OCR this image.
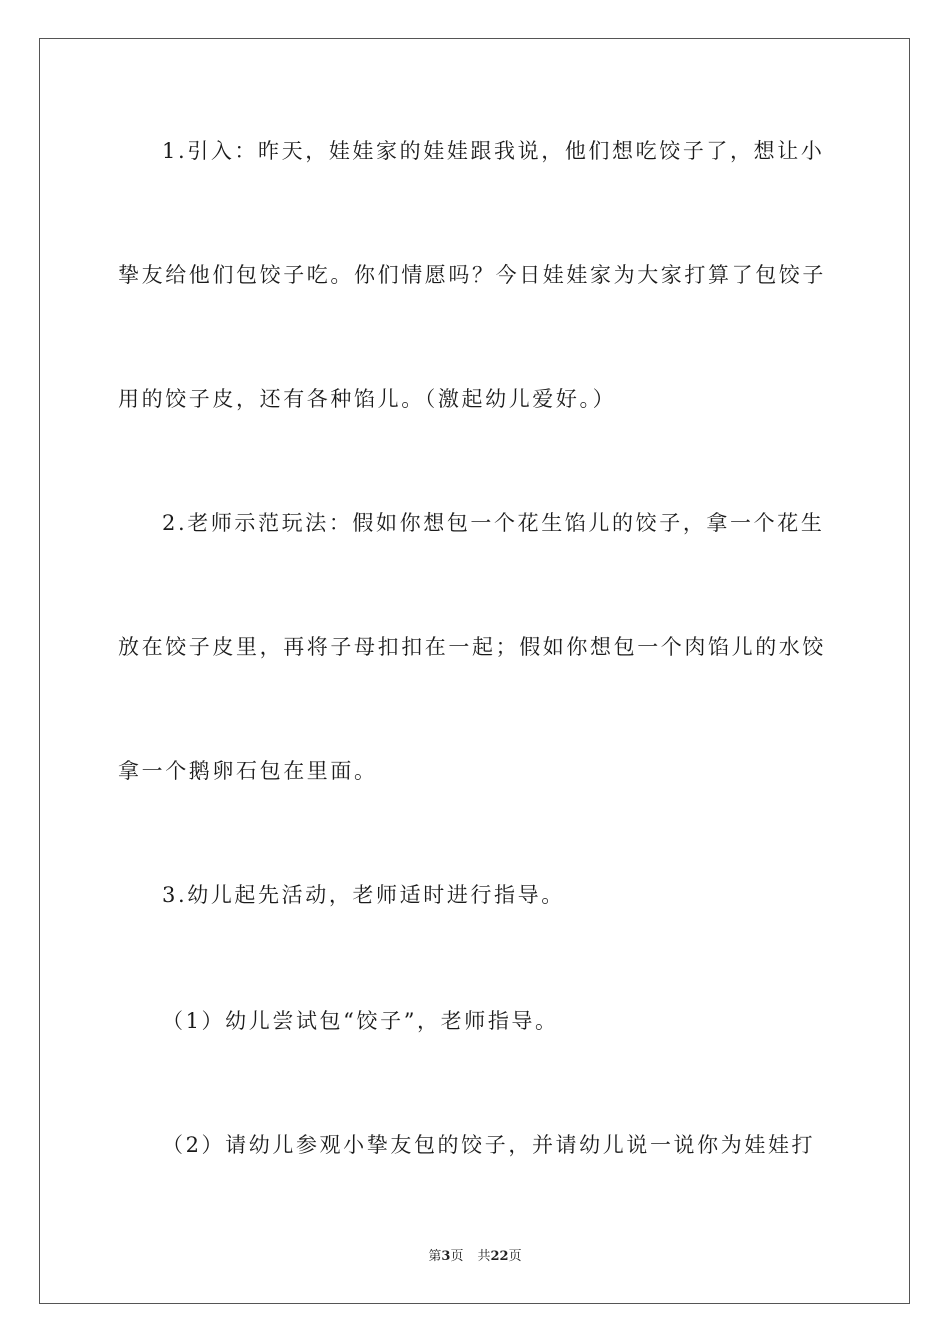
1.引入：昨天，娃娃家的娃娃跟我说，他们想吃饺子了，想让小
挚友给他们包饺子吃。你们情愿吗？今日娃娃家为大家打算了包饺子
用的饺子皮，还有各种馅儿。（激起幼儿爱好。）
2.老师示范玩法：假如你想包一个花生馅儿的饺子，拿一个花生
放在饺子皮里，再将子母扣扣在一起；假如你想包一个肉馅儿的水饺
拿一个鹅卵石包在里面。
3.幼儿起先活动，老师适时进行指导。
（1）幼儿尝试包“饺子”，老师指导。
（2）请幼儿参观小挚友包的饺子，并请幼儿说一说你为娃娃打
第3页 共22页
